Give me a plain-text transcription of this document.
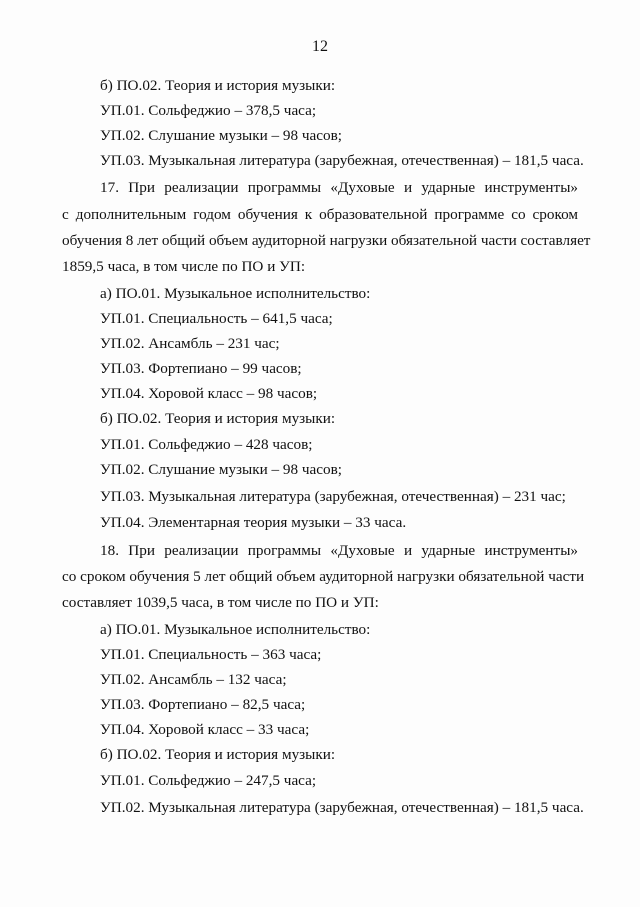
12
б) ПО.02. Теория и история музыки:
УП.01. Сольфеджио – 378,5 часа;
УП.02. Слушание музыки – 98 часов;
УП.03. Музыкальная литература (зарубежная, отечественная) – 181,5 часа.
17. При реализации программы «Духовые и ударные инструменты»
с дополнительным годом обучения к образовательной программе со сроком
обучения 8 лет общий объем аудиторной нагрузки обязательной части составляет
1859,5 часа, в том числе по ПО и УП:
а) ПО.01. Музыкальное исполнительство:
УП.01. Специальность – 641,5 часа;
УП.02. Ансамбль – 231 час;
УП.03. Фортепиано – 99 часов;
УП.04. Хоровой класс – 98 часов;
б) ПО.02. Теория и история музыки:
УП.01. Сольфеджио – 428 часов;
УП.02. Слушание музыки – 98 часов;
УП.03. Музыкальная литература (зарубежная, отечественная) – 231 час;
УП.04. Элементарная теория музыки – 33 часа.
18. При реализации программы «Духовые и ударные инструменты»
со сроком обучения 5 лет общий объем аудиторной нагрузки обязательной части
составляет 1039,5 часа, в том числе по ПО и УП:
а) ПО.01. Музыкальное исполнительство:
УП.01. Специальность – 363 часа;
УП.02. Ансамбль – 132 часа;
УП.03. Фортепиано – 82,5 часа;
УП.04. Хоровой класс – 33 часа;
б) ПО.02. Теория и история музыки:
УП.01. Сольфеджио – 247,5 часа;
УП.02. Музыкальная литература (зарубежная, отечественная) – 181,5 часа.
